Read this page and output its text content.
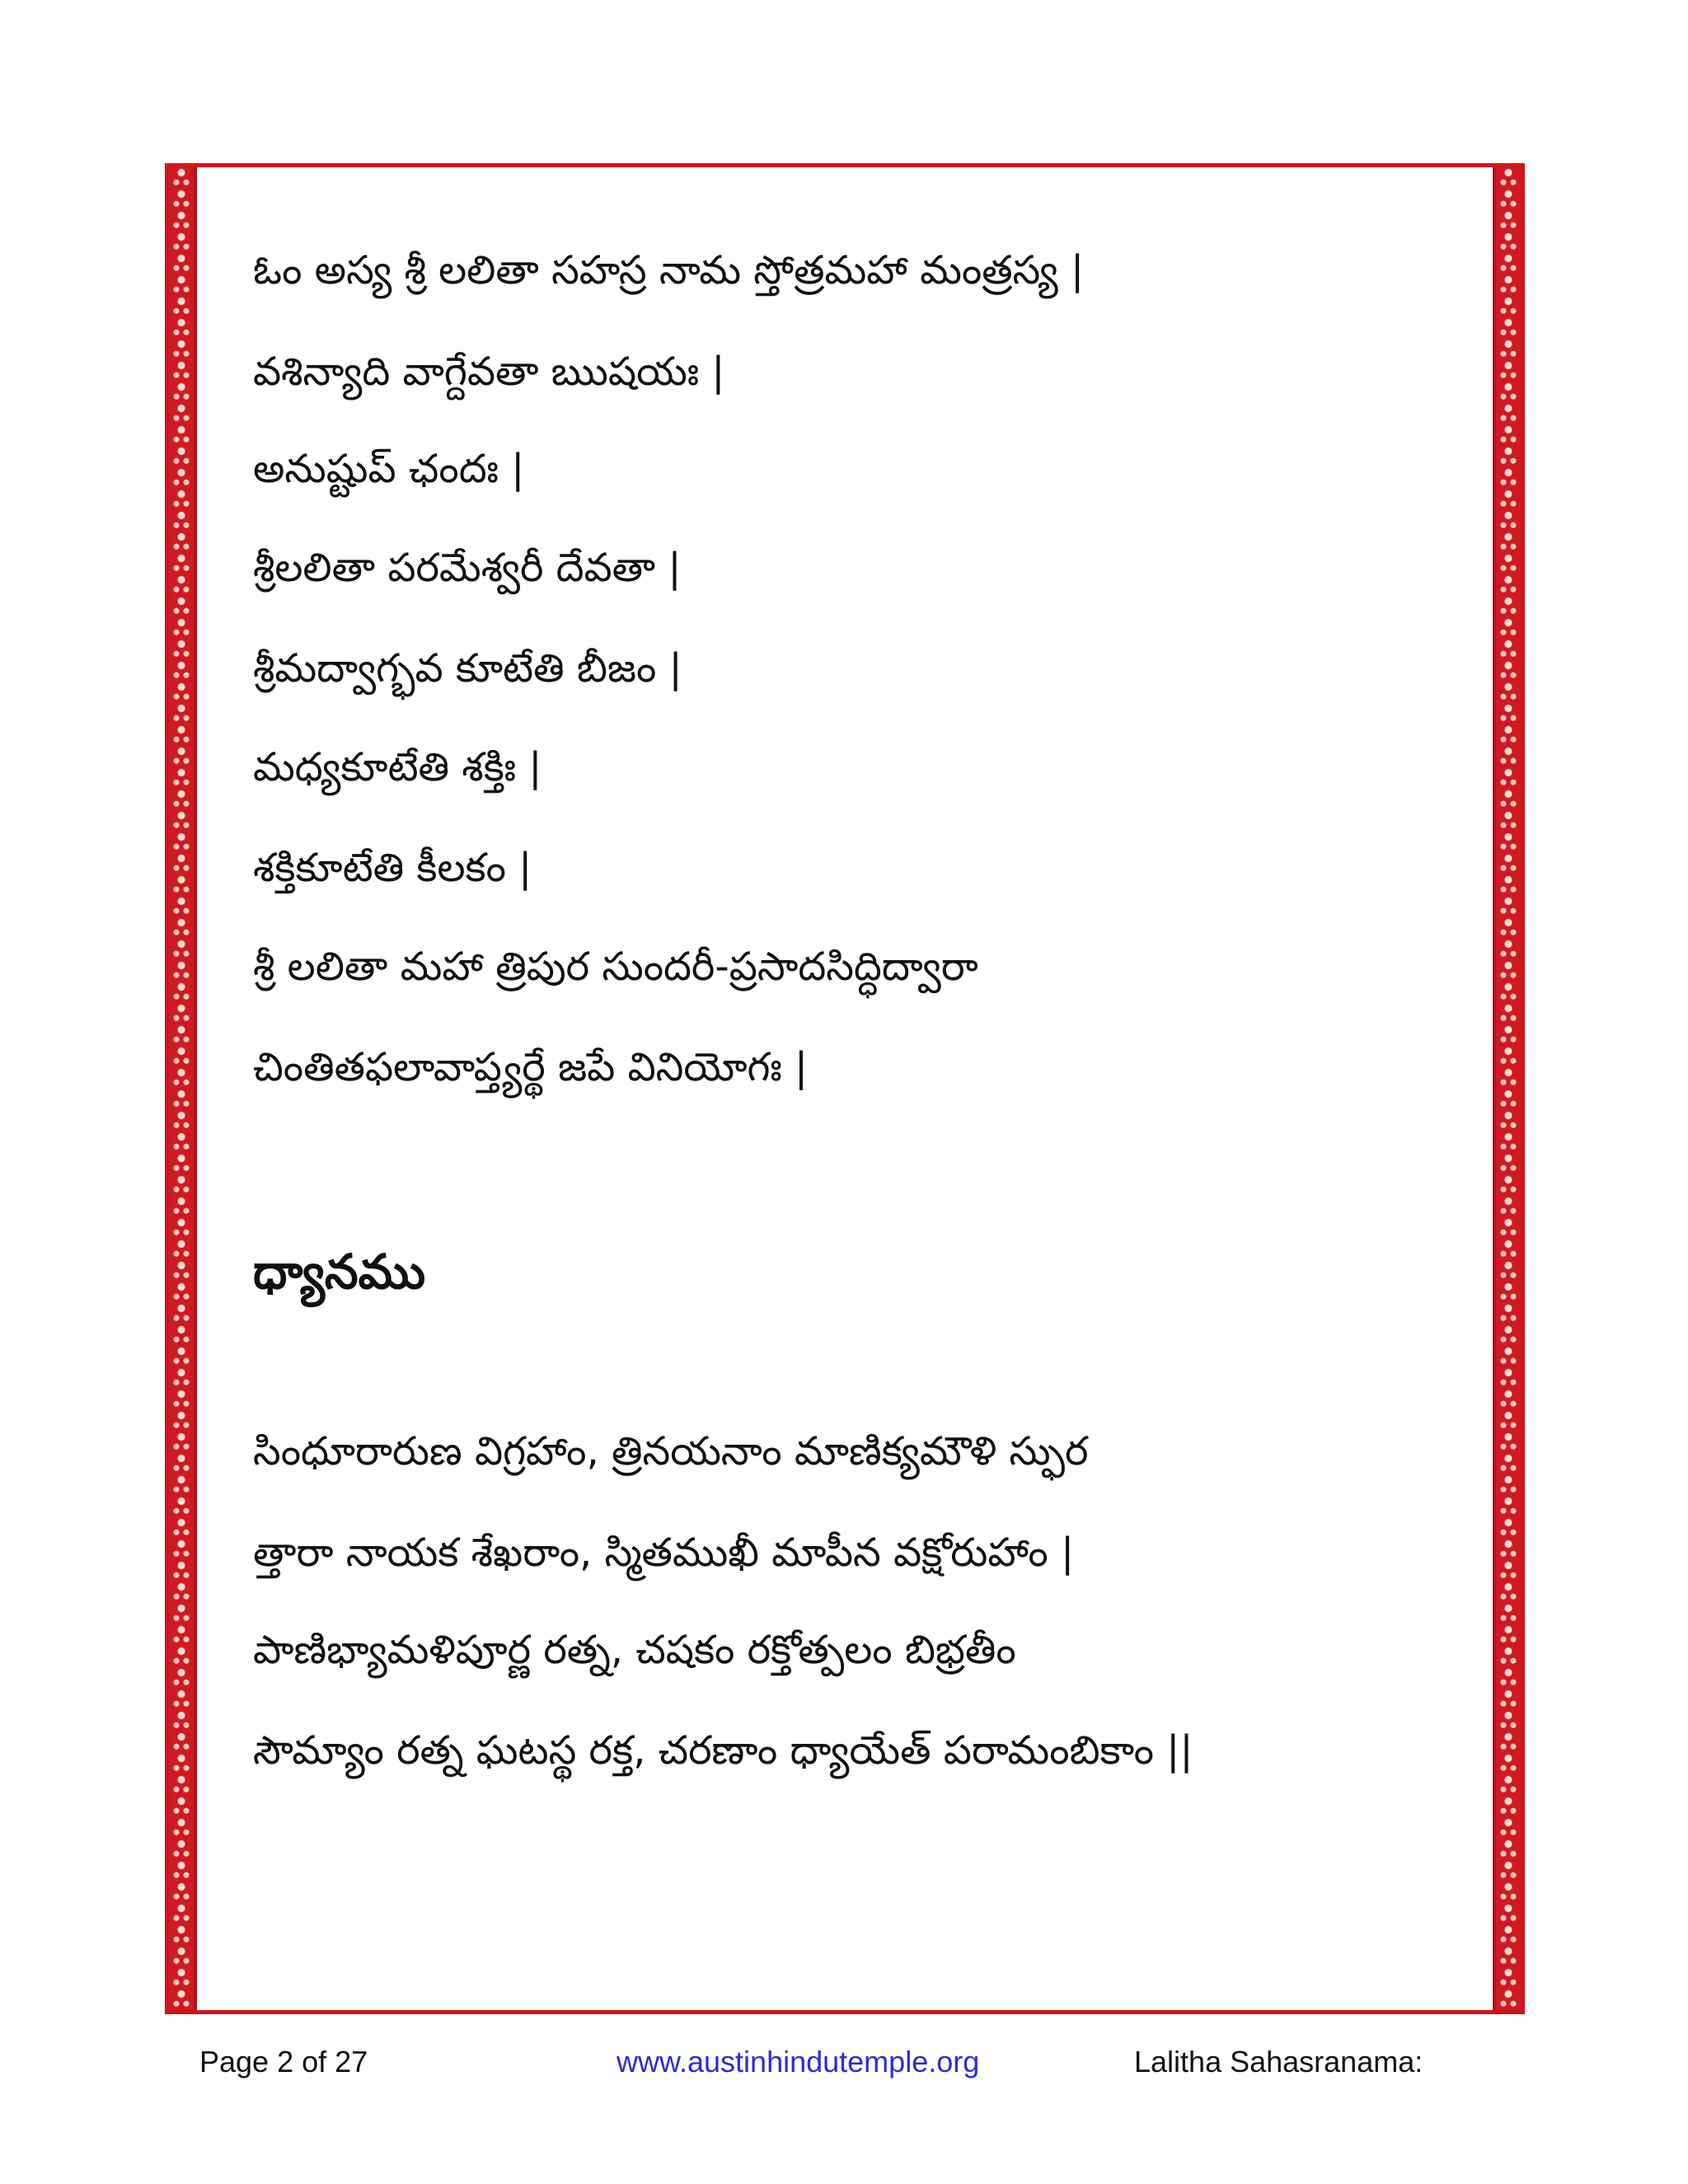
ఓం అస్య శ్రీ లలితా సహస్ర నామ స్తోత్రమహా మంత్రస్య |
వశిన్యాది వాగ్దేవతా ఋషయః |
అనుష్టుప్ ఛందః |
శ్రీలలితా పరమేశ్వరీ దేవతా |
శ్రీమద్వాగ్భవ కూటేతి బీజం |
మధ్యకూటేతి శక్తిః |
శక్తికూటేతి కీలకం |
శ్రీ లలితా మహా త్రిపుర సుందరీ-ప్రసాదసిద్ధిద్వారా
చింతితఫలావాప్త్యర్థే జపే వినియోగః |
ధ్యానము
సింధూరారుణ విగ్రహాం, త్రినయనాం మాణిక్యమౌళి స్ఫుర
త్తారా నాయక శేఖరాం, స్మితముఖీ మాపీన వక్షోరుహాం |
పాణిభ్యామళిపూర్ణ రత్న, చషకం రక్తోత్పలం బిభ్రతీం
సౌమ్యాం రత్న ఘటస్థ రక్త, చరణాం ధ్యాయేత్ పరామంబికాం ||
Page 2 of 27	www.austinhindutemple.org	Lalitha Sahasranama:
